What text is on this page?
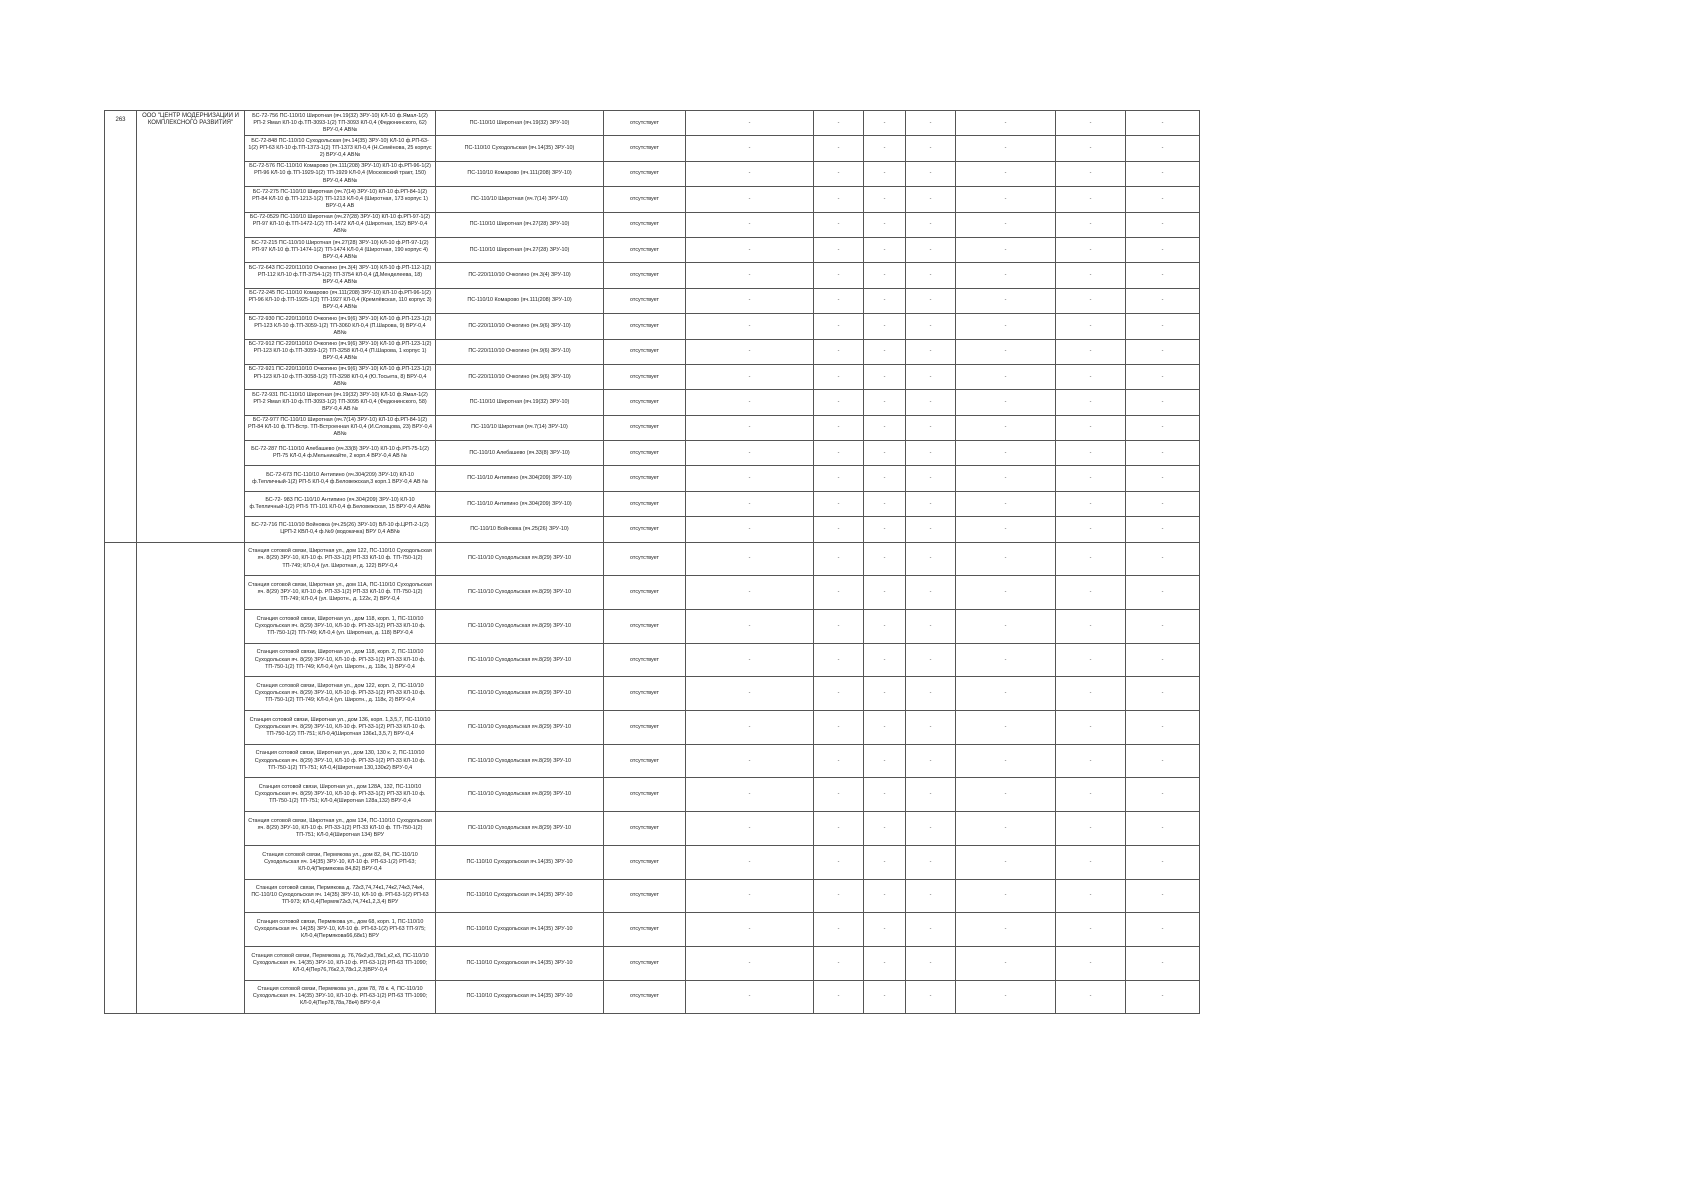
263	ООО "ЦЕНТР МОДЕРНИЗАЦИИ И КОМПЛЕКСНОГО РАЗВИТИЯ"	БС-72-756 ПС-110/10 Широтная (яч.19(32) ЗРУ-10) КЛ-10 ф.Ямал-1(2) РП-2 Ямал КЛ-10 ф.ТП-3093-1(2) ТП-3093 КЛ-0,4 (Федюнинского, 62) ВРУ-0,4 АВ№	ПС-110/10 Широтная (яч.19(32) ЗРУ-10)	отсутствует	-	-	-	-	-	-	-
		БС-72-848 ПС-110/10 Суходольская (яч.14(35) ЗРУ-10) КЛ-10 ф.РП-63-1(2) РП-63 КЛ-10 ф.ТП-1373-1(2) ТП-1373 КЛ-0,4 (Н.Семёнова, 25 корпус 2) ВРУ-0,4 АВ№	ПС-110/10 Суходольская (яч.14(35) ЗРУ-10)	отсутствует	-	-	-	-	-	-	-
		БС-72-576 ПС-110/10 Комарово (яч.111(208) ЗРУ-10) КЛ-10 ф.РП-96-1(2) РП-96 КЛ-10 ф.ТП-1929-1(2) ТП-1929 КЛ-0,4 (Московский тракт, 150) ВРУ-0,4 АВ№	ПС-110/10 Комарово (яч.111(208) ЗРУ-10)	отсутствует	-	-	-	-	-	-	-
		БС-72-275 ПС-110/10 Широтная (яч.7(14) ЗРУ-10) КЛ-10 ф.РП-84-1(2) РП-84 КЛ-10 ф.ТП-1213-1(2) ТП-1213 КЛ-0,4 (Широтная, 173 корпус 1) ВРУ-0,4 АВ	ПС-110/10 Широтная (яч.7(14) ЗРУ-10)	отсутствует	-	-	-	-	-	-	-
		БС-72-0529 ПС-110/10 Широтная (яч.27(28) ЗРУ-10) КЛ-10 ф.РП-97-1(2) РП-97 КЛ-10 ф.ТП-1472-1(2) ТП-1472 КЛ-0,4 (Широтная, 152) ВРУ-0,4 АВ№	ПС-110/10 Широтная (яч.27(28) ЗРУ-10)	отсутствует	-	-	-	-	-	-	-
		БС-72-215 ПС-110/10 Широтная (яч.27(28) ЗРУ-10) КЛ-10 ф.РП-97-1(2) РП-97 КЛ-10 ф.ТП-1474-1(2) ТП-1474 КЛ-0,4 (Широтная, 190 корпус 4) ВРУ-0,4 АВ№	ПС-110/10 Широтная (яч.27(28) ЗРУ-10)	отсутствует	-	-	-	-	-	-	-
		БС-72-643 ПС-220/110/10 Очкогино (яч.3(4) ЗРУ-10) КЛ-10 ф.РП-112-1(2) РП-112 КЛ-10 ф.ТП-3754-1(2) ТП-3754 КЛ-0,4 (Д.Менделеева, 18) ВРУ-0,4 АВ№	ПС-220/110/10 Очкогино (яч.3(4) ЗРУ-10)	отсутствует	-	-	-	-	-	-	-
		БС-72-245 ПС-110/10 Комарово (яч.111(208) ЗРУ-10) КЛ-10 ф.РП-96-1(2) РП-96 КЛ-10 ф.ТП-1925-1(2) ТП-1927 КЛ-0,4 (Кремлёвская, 110 корпус 3) ВРУ-0,4 АВ№	ПС-110/10 Комарово (яч.111(208) ЗРУ-10)	отсутствует	-	-	-	-	-	-	-
		БС-72-930 ПС-220/110/10 Очкогино (яч.9(6) ЗРУ-10) КЛ-10 ф.РП-123-1(2) РП-123 КЛ-10 ф.ТП-3059-1(2) ТП-3060 КЛ-0,4 (П.Шарова, 9) ВРУ-0,4 АВ№	ПС-220/110/10 Очкогино (яч.9(6) ЗРУ-10)	отсутствует	-	-	-	-	-	-	-
		БС-72-912 ПС-220/110/10 Очкогино (яч.9(6) ЗРУ-10) КЛ-10 ф.РП-123-1(2) РП-123 КЛ-10 ф.ТП-3059-1(2) ТП-3258 КЛ-0,4 (П.Шарова, 1 корпус 1) ВРУ-0,4 АВ№	ПС-220/110/10 Очкогино (яч.9(6) ЗРУ-10)	отсутствует	-	-	-	-	-	-	-
		БС-72-921 ПС-220/110/10 Очкогино (яч.9(6) ЗРУ-10) КЛ-10 ф.РП-123-1(2) РП-123 КЛ-10 ф.ТП-3058-1(2) ТП-3298 КЛ-0,4 (Ю.Тосьета, 8) ВРУ-0,4 АВ№	ПС-220/110/10 Очкогино (яч.9(6) ЗРУ-10)	отсутствует	-	-	-	-	-	-	-
		БС-72-931 ПС-110/10 Широтная (яч.19(32) ЗРУ-10) КЛ-10 ф.Ямал-1(2) РП-2 Ямал КЛ-10 ф.ТП-3093-1(2) ТП-3095 КЛ-0,4 (Федюнинского, 58) ВРУ-0,4 АВ №	ПС-110/10 Широтная (яч.19(32) ЗРУ-10)	отсутствует	-	-	-	-	-	-	-
		БС-72-977 ПС-110/10 Широтная (яч.7(14) ЗРУ-10) КЛ-10 ф.РП-84-1(2) РП-84 КЛ-10 ф.ТП-Встр. ТП-Встроенная КЛ-0,4 (И.Словцова, 23) ВРУ-0,4 АВ№	ПС-110/10 Широтная (яч.7(14) ЗРУ-10)	отсутствует	-	-	-	-	-	-	-
		БС-72-287 ПС-110/10 Алебашево (яч.33(8) ЗРУ-10) КЛ-10 ф.РП-75-1(2) РП-75 КЛ-0,4 ф.Мельникайте, 2 корп.4 ВРУ-0,4 АВ №	ПС-110/10 Алебашево (яч.33(8) ЗРУ-10)	отсутствует	-	-	-	-	-	-	-
		БС-72-673 ПС-110/10 Антипино (яч.304(209) ЗРУ-10) КЛ-10 ф.Тепличный-1(2) РП-5 КЛ-0,4 ф.Беловежская,3 корп.1 ВРУ-0,4 АВ №	ПС-110/10 Антипино (яч.304(209) ЗРУ-10)	отсутствует	-	-	-	-	-	-	-
		БС-72- 983 ПС-110/10 Антипино (яч.304(209) ЗРУ-10) КЛ-10 ф.Тепличный-1(2) РП-5 ТП-101 КЛ-0,4 ф.Беловежская, 15 ВРУ-0,4 АВ№	ПС-110/10 Антипино (яч.304(209) ЗРУ-10)	отсутствует	-	-	-	-	-	-	-
		БС-72-716 ПС-110/10 Войновка (яч.25(26) ЗРУ-10) ВЛ-10 ф.ЦРП-2-1(2) ЦРП-2 КВЛ-0,4 ф.№9 (водокачка) ВРУ 0,4 АВ№	ПС-110/10 Войновка (яч.25(26) ЗРУ-10)	отсутствует	-	-	-	-	-	-	-
		Станция сотовой связи, Широтная ул., дом 122, ПС-110/10 Суходольская яч. 8(29) ЗРУ-10, КЛ-10 ф. РП-33-1(2) РП-33 КЛ-10 ф. ТП-750-1(2) ТП-749; КЛ-0,4 (ул. Широтная, д. 122) ВРУ-0,4	ПС-110/10 Суходольская яч.8(29) ЗРУ-10	отсутствует	-	-	-	-	-	-	-
		Станция сотовой связи, Широтная ул., дом 11А, ПС-110/10 Суходольская яч. 8(29) ЗРУ-10, КЛ-10 ф. РП-33-1(2) РП-33 КЛ-10 ф. ТП-750-1(2) ТП-749; КЛ-0,4 (ул. Широтн., д. 122к, 2) ВРУ-0,4	ПС-110/10 Суходольская яч.8(29) ЗРУ-10	отсутствует	-	-	-	-	-	-	-
		Станция сотовой связи, Широтная ул., дом 118, корп. 1, ПС-110/10 Суходольская яч. 8(29) ЗРУ-10, КЛ-10 ф. РП-33-1(2) РП-33 КЛ-10 ф. ТП-750-1(2) ТП-749; КЛ-0,4 (ул. Широтная, д. 118) ВРУ-0,4	ПС-110/10 Суходольская яч.8(29) ЗРУ-10	отсутствует	-	-	-	-	-	-	-
		Станция сотовой связи, Широтная ул., дом 118, корп. 2, ПС-110/10 Суходольская яч. 8(29) ЗРУ-10, КЛ-10 ф. РП-33-1(2) РП-33 КЛ-10 ф. ТП-750-1(2) ТП-749; КЛ-0,4 (ул. Широтн., д. 118к, 1) ВРУ-0,4	ПС-110/10 Суходольская яч.8(29) ЗРУ-10	отсутствует	-	-	-	-	-	-	-
		Станция сотовой связи, Широтная ул., дом 122, корп. 2, ПС-110/10 Суходольская яч. 8(29) ЗРУ-10, КЛ-10 ф. РП-33-1(2) РП-33 КЛ-10 ф. ТП-750-1(2) ТП-749; КЛ-0,4 (ул. Широтн., д. 118к, 2) ВРУ-0,4	ПС-110/10 Суходольская яч.8(29) ЗРУ-10	отсутствует	-	-	-	-	-	-	-
		Станция сотовой связи, Широтная ул., дом 136, корп. 1,3,5,7, ПС-110/10 Суходольская яч. 8(29) ЗРУ-10, КЛ-10 ф. РП-33-1(2) РП-33 КЛ-10 ф. ТП-750-1(2) ТП-751; КЛ-0,4(Широтная 136к1,3,5,7) ВРУ-0,4	ПС-110/10 Суходольская яч.8(29) ЗРУ-10	отсутствует	-	-	-	-	-	-	-
		Станция сотовой связи, Широтная ул., дом 130, 130 к. 2, ПС-110/10 Суходольская яч. 8(29) ЗРУ-10, КЛ-10 ф. РП-33-1(2) РП-33 КЛ-10 ф. ТП-750-1(2) ТП-751; КЛ-0,4(Широтная 130,130к2) ВРУ-0,4	ПС-110/10 Суходольская яч.8(29) ЗРУ-10	отсутствует	-	-	-	-	-	-	-
		Станция сотовой связи, Широтная ул., дом 128А, 132, ПС-110/10 Суходольская яч. 8(29) ЗРУ-10, КЛ-10 ф. РП-33-1(2) РП-33 КЛ-10 ф. ТП-750-1(2) ТП-751; КЛ-0,4(Широтная 128а,132) ВРУ-0,4	ПС-110/10 Суходольская яч.8(29) ЗРУ-10	отсутствует	-	-	-	-	-	-	-
		Станция сотовой связи, Широтная ул., дом 134, ПС-110/10 Суходольская яч. 8(29) ЗРУ-10, КЛ-10 ф. РП-33-1(2) РП-33 КЛ-10 ф. ТП-750-1(2) ТП-751; КЛ-0,4(Широтная 134) ВРУ	ПС-110/10 Суходольская яч.8(29) ЗРУ-10	отсутствует	-	-	-	-	-	-	-
		Станция сотовой связи, Пермякова ул., дом 82, 84, ПС-110/10 Суходольская яч. 14(35) ЗРУ-10, КЛ-10 ф. РП-63-1(2) РП-63; КЛ-0,4(Пермякова 84,82) ВРУ-0,4	ПС-110/10 Суходольская яч.14(35) ЗРУ-10	отсутствует	-	-	-	-	-	-	-
		Станция сотовой связи, Пермякова д. 72к3,74,74к1,74к2,74к3,74к4, ПС-110/10 Суходольская яч. 14(35) ЗРУ-10, КЛ-10 ф. РП-63-1(2) РП-63 ТП-973; КЛ-0,4(Пермяк72к3,74,74к1,2,3,4) ВРУ	ПС-110/10 Суходольская яч.14(35) ЗРУ-10	отсутствует	-	-	-	-	-	-	-
		Станция сотовой связи, Пермякова ул., дом 68, корп. 1, ПС-110/10 Суходольская яч. 14(35) ЗРУ-10, КЛ-10 ф. РП-63-1(2) РП-63 ТП-975; КЛ-0,4(Пермякова66,68к1) ВРУ	ПС-110/10 Суходольская яч.14(35) ЗРУ-10	отсутствует	-	-	-	-	-	-	-
		Станция сотовой связи, Пермякова д. 76,76к2,к3,78к1,к2,к3, ПС-110/10 Суходольская яч. 14(35) ЗРУ-10, КЛ-10 ф. РП-63-1(2) РП-63 ТП-1090; КЛ-0,4(Пер76,76к2,3,78к1,2,3)ВРУ-0,4	ПС-110/10 Суходольская яч.14(35) ЗРУ-10	отсутствует	-	-	-	-	-	-	-
		Станция сотовой связи, Пермякова ул., дом 78, 78 к. 4, ПС-110/10 Суходольская яч. 14(35) ЗРУ-10, КЛ-10 ф. РП-63-1(2) РП-63 ТП-1090; КЛ-0,4(Пер78,78а,78к4) ВРУ-0,4	ПС-110/10 Суходольская яч.14(35) ЗРУ-10	отсутствует	-	-	-	-	-	-	-
